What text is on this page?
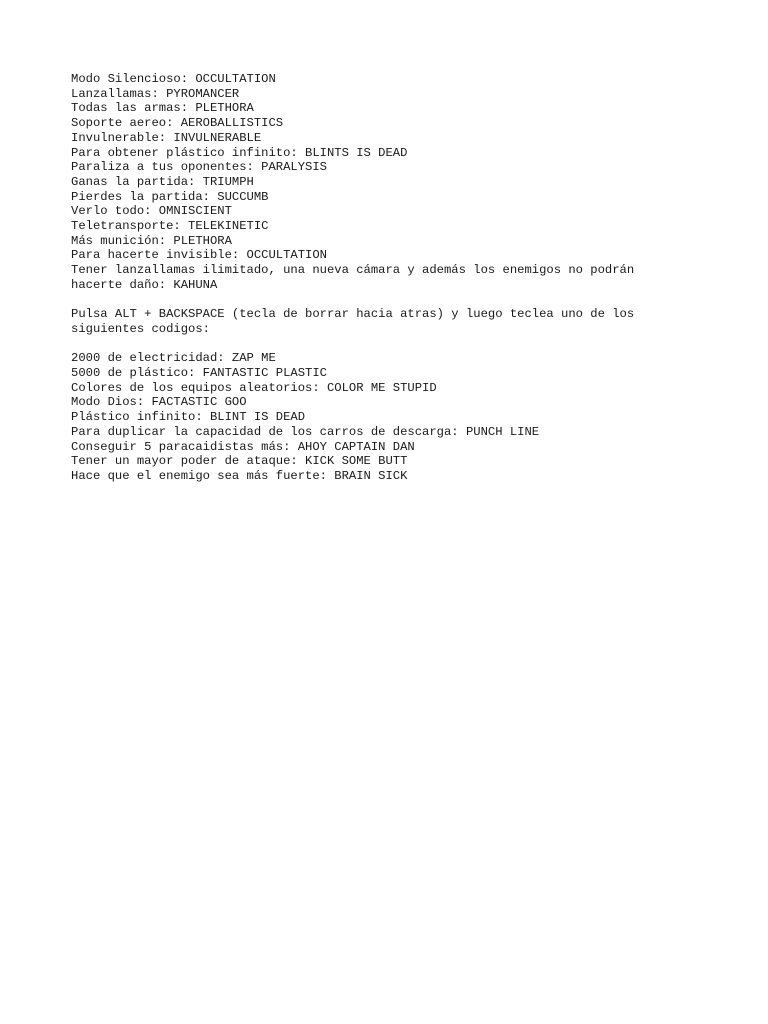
Modo Silencioso: OCCULTATION
Lanzallamas: PYROMANCER
Todas las armas: PLETHORA
Soporte aereo: AEROBALLISTICS
Invulnerable: INVULNERABLE
Para obtener plástico infinito: BLINTS IS DEAD
Paraliza a tus oponentes: PARALYSIS
Ganas la partida: TRIUMPH
Pierdes la partida: SUCCUMB
Verlo todo: OMNISCIENT
Teletransporte: TELEKINETIC
Más munición: PLETHORA
Para hacerte invisible: OCCULTATION
Tener lanzallamas ilimitado, una nueva cámara y además los enemigos no podrán
hacerte daño: KAHUNA
Pulsa ALT + BACKSPACE (tecla de borrar hacia atras) y luego teclea uno de los
siguientes codigos:
2000 de electricidad: ZAP ME
5000 de plástico: FANTASTIC PLASTIC
Colores de los equipos aleatorios: COLOR ME STUPID
Modo Dios: FACTASTIC GOO
Plástico infinito: BLINT IS DEAD
Para duplicar la capacidad de los carros de descarga: PUNCH LINE
Conseguir 5 paracaidistas más: AHOY CAPTAIN DAN
Tener un mayor poder de ataque: KICK SOME BUTT
Hace que el enemigo sea más fuerte: BRAIN SICK
